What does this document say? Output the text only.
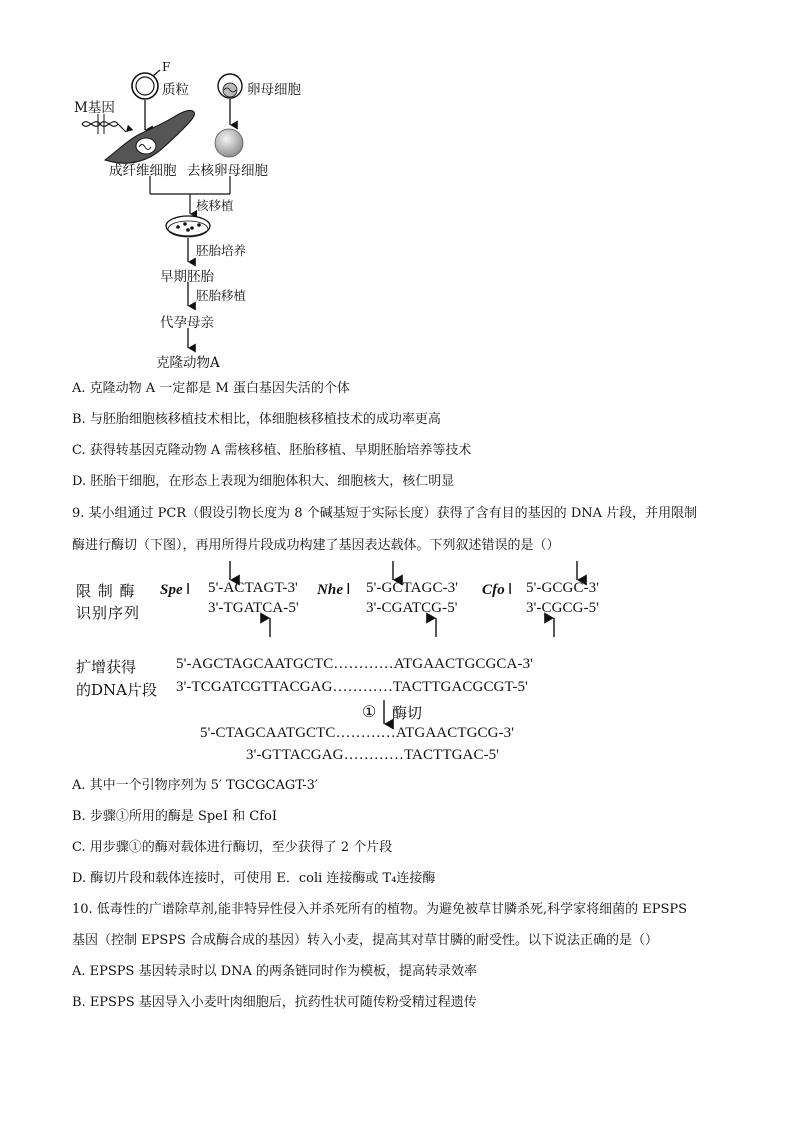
F
质粒	卵母细胞
M基因
成纤维细胞 去核卵母细胞
核移植
胚胎培养
早期胚胎
胚胎移植
代孕母亲
克隆动物A
A. 克隆动物 A 一定都是 M 蛋白基因失活的个体
B. 与胚胎细胞核移植技术相比，体细胞核移植技术的成功率更高
C. 获得转基因克隆动物 A 需核移植、胚胎移植、早期胚胎培养等技术
D. 胚胎干细胞，在形态上表现为细胞体积大、细胞核大，核仁明显
9. 某小组通过 PCR（假设引物长度为 8 个碱基短于实际长度）获得了含有目的基因的 DNA 片段，并用限制
酶进行酶切（下图），再用所得片段成功构建了基因表达载体。下列叙述错误的是（）
限 制 酶
识别序列
Spe Ⅰ 5'-ACTAGT-3'
3'-TGATCA-5'
Nhe Ⅰ 5'-GCTAGC-3'
3'-CGATCG-5'
Cfo Ⅰ 5'-GCGC-3'
3'-CGCG-5'
扩增获得
的DNA片段
5'-AGCTAGCAATGCTC…………ATGAACTGCGCA-3'
3'-TCGATCGTTACGAG…………TACTTGACGCGT-5'
① 酶切
5'-CTAGCAATGCTC…………ATGAACTGCG-3'
3'-GTTACGAG…………TACTTGAC-5'
A. 其中一个引物序列为 5′ TGCGCAGT-3′
B. 步骤①所用的酶是 SpeI 和 CfoI
C. 用步骤①的酶对载体进行酶切，至少获得了 2 个片段
D. 酶切片段和载体连接时，可使用 E．coli 连接酶或 T₄连接酶
10. 低毒性的广谱除草剂,能非特异性侵入并杀死所有的植物。为避免被草甘膦杀死,科学家将细菌的 EPSPS
基因（控制 EPSPS 合成酶合成的基因）转入小麦，提高其对草甘膦的耐受性。以下说法正确的是（）
A. EPSPS 基因转录时以 DNA 的两条链同时作为模板，提高转录效率
B. EPSPS 基因导入小麦叶肉细胞后，抗药性状可随传粉受精过程遗传
